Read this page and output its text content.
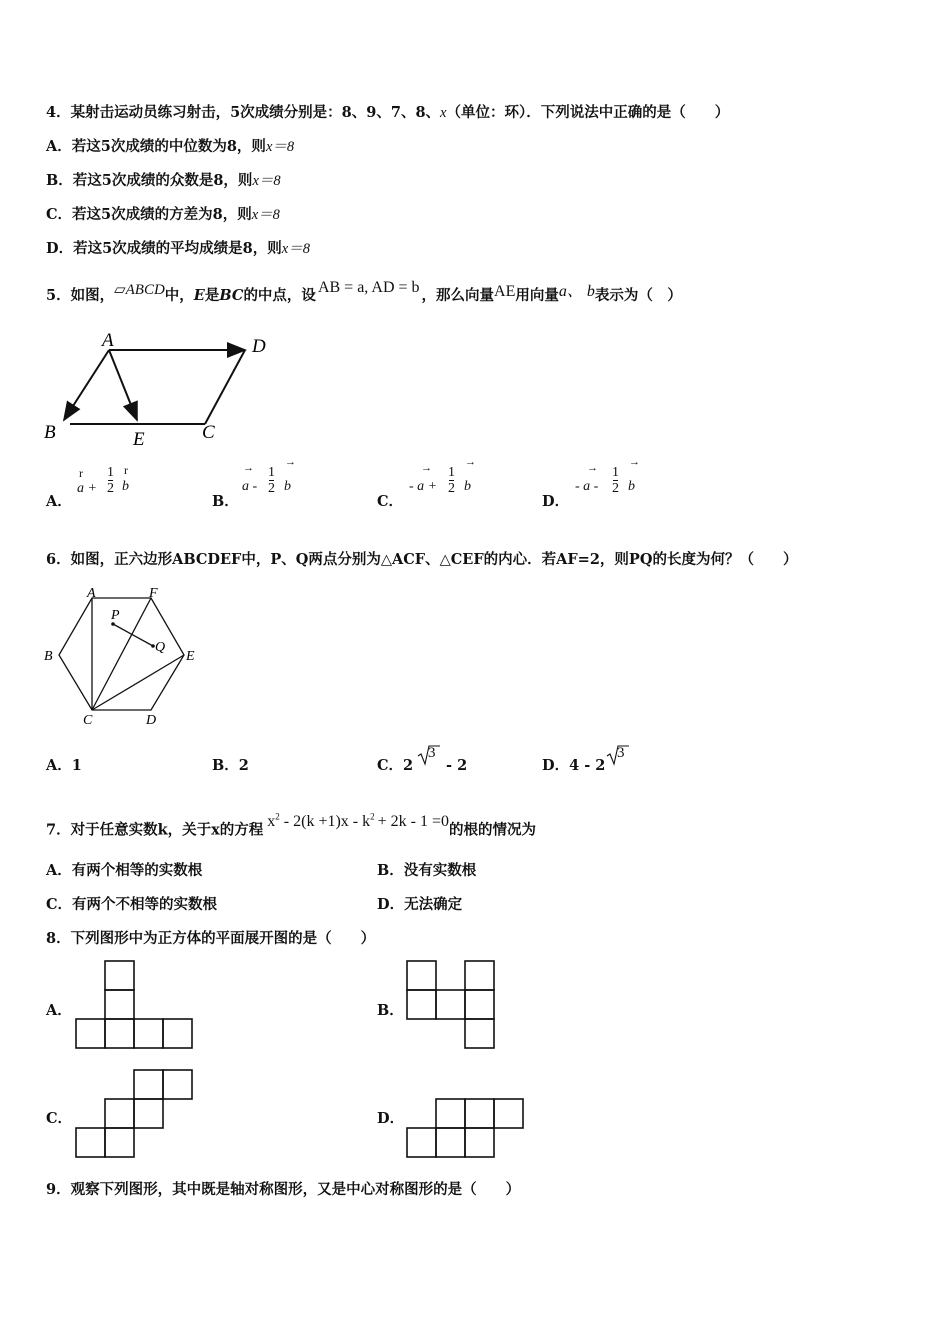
4．某射击运动员练习射击，5次成绩分别是：8、9、7、8、x（单位：环）．下列说法中正确的是（　　）
A．若这5次成绩的中位数为8，则x＝8
B．若这5次成绩的众数是8，则x＝8
C．若这5次成绩的方差为8，则x＝8
D．若这5次成绩的平均成绩是8，则x＝8
5．如图，▱ABCD中，E是BC的中点，设 AB = a, AD = b ，那么向量AE用向量a、 b表示为（　）
A
B	E	C
D
A．
r
a +
1
2
r
b
B．
→
a -
1
2
→
b
C．
→
- a +
1
2
→
b
D．
→
- a -
1
2
→
b
6．如图，正六边形ABCDEF中，P、Q两点分别为△ACF、△CEF的内心．若AF=2，则PQ的长度为何？（　　）
A	F
B	E
C	D
P
Q
A．1	B．2	C．2
3
- 2	D．4 - 2
3
7．对于任意实数k，关于x的方程 $x^2 - 2(k +1)x - k^2 + 2k - 1 =0$的根的情况为
A．有两个相等的实数根	B．没有实数根
C．有两个不相等的实数根	D．无法确定
8．下列图形中为正方体的平面展开图的是（　　）
A．	B．
C．	D．
9．观察下列图形，其中既是轴对称图形，又是中心对称图形的是（　　）
